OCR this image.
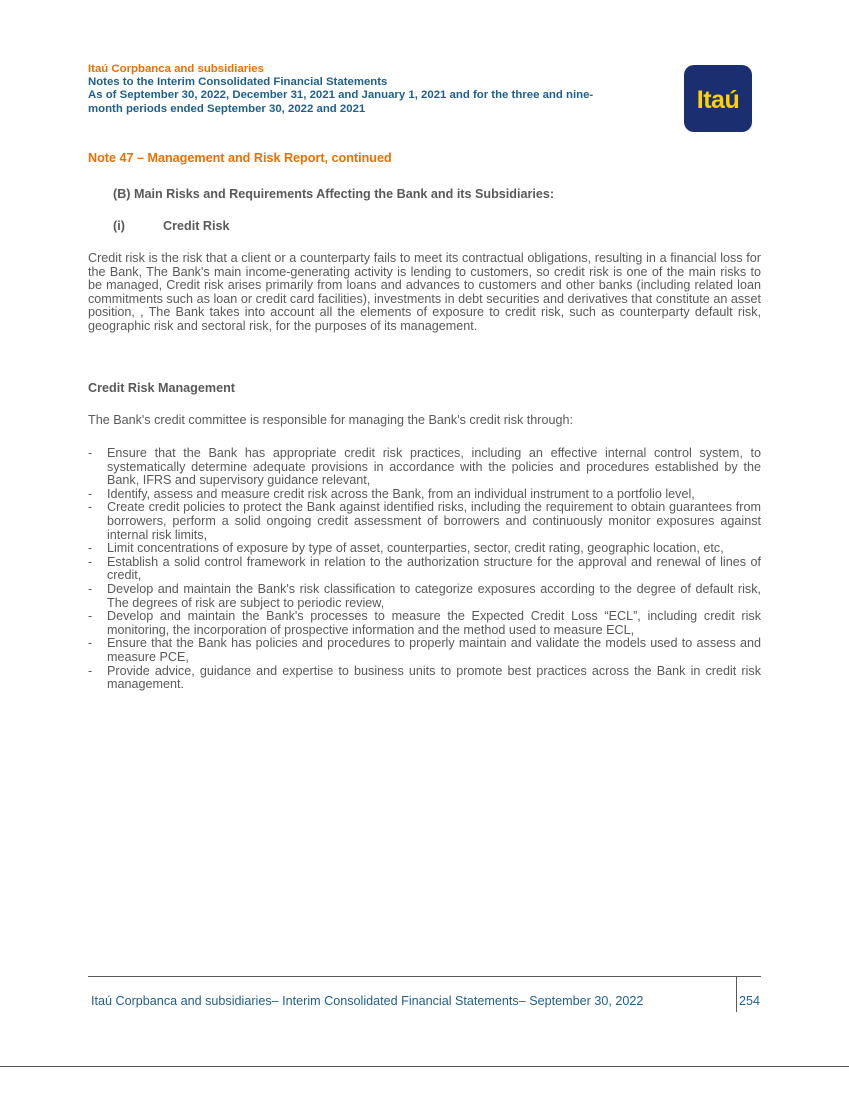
Itaú Corpbanca and subsidiaries
Notes to the Interim Consolidated Financial Statements
As of September 30, 2022, December 31, 2021 and January 1, 2021 and for the three and nine-
month periods ended September 30, 2022 and 2021	Itaú
Note 47 – Management and Risk Report, continued
(B) Main Risks and Requirements Affecting the Bank and its Subsidiaries:
(i)	Credit Risk
Credit risk is the risk that a client or a counterparty fails to meet its contractual obligations, resulting in a financial loss for the Bank, The Bank's main income-generating activity is lending to customers, so credit risk is one of the main risks to be managed, Credit risk arises primarily from loans and advances to customers and other banks (including related loan commitments such as loan or credit card facilities), investments in debt securities and derivatives that constitute an asset position, , The Bank takes into account all the elements of exposure to credit risk, such as counterparty default risk, geographic risk and sectoral risk, for the purposes of its management.
Credit Risk Management
The Bank's credit committee is responsible for managing the Bank's credit risk through:
- Ensure that the Bank has appropriate credit risk practices, including an effective internal control system, to systematically determine adequate provisions in accordance with the policies and procedures established by the Bank, IFRS and supervisory guidance relevant,
- Identify, assess and measure credit risk across the Bank, from an individual instrument to a portfolio level,
- Create credit policies to protect the Bank against identified risks, including the requirement to obtain guarantees from borrowers, perform a solid ongoing credit assessment of borrowers and continuously monitor exposures against internal risk limits,
- Limit concentrations of exposure by type of asset, counterparties, sector, credit rating, geographic location, etc,
- Establish a solid control framework in relation to the authorization structure for the approval and renewal of lines of credit,
- Develop and maintain the Bank's risk classification to categorize exposures according to the degree of default risk, The degrees of risk are subject to periodic review,
- Develop and maintain the Bank's processes to measure the Expected Credit Loss “ECL”, including credit risk monitoring, the incorporation of prospective information and the method used to measure ECL,
- Ensure that the Bank has policies and procedures to properly maintain and validate the models used to assess and measure PCE,
- Provide advice, guidance and expertise to business units to promote best practices across the Bank in credit risk management.
Itaú Corpbanca and subsidiaries– Interim Consolidated Financial Statements– September 30, 2022	254
